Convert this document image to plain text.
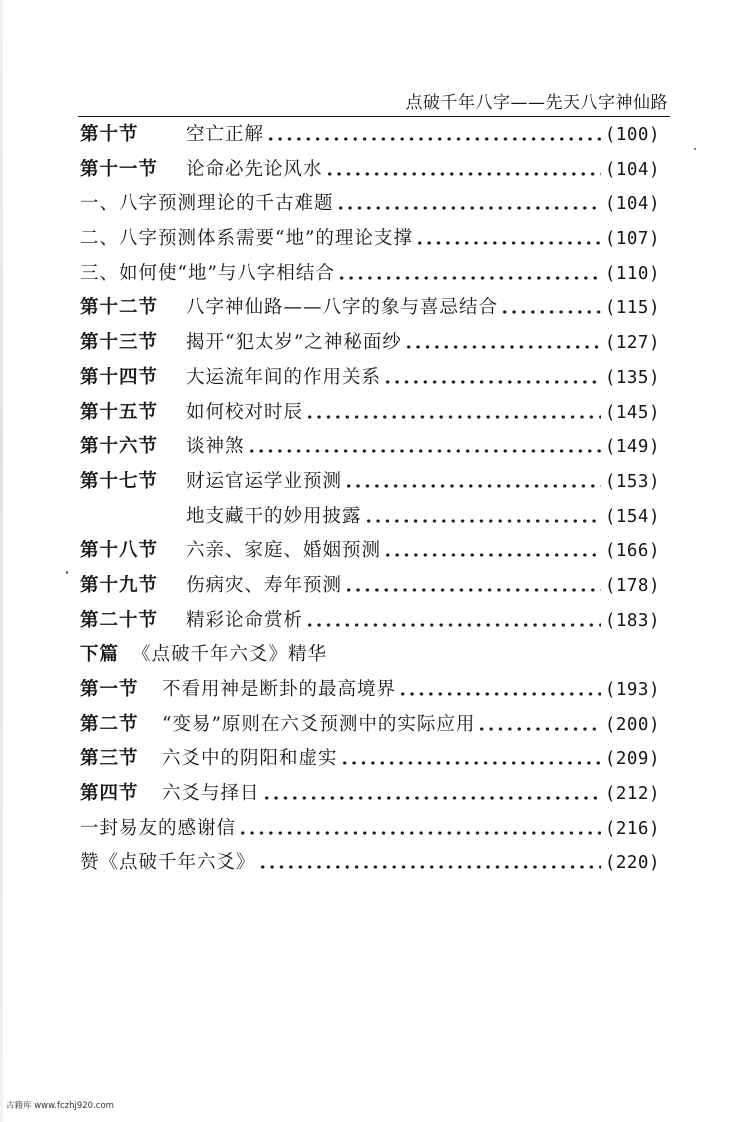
点破千年八字——先天八字神仙路
第十节	空亡正解	(100)
第十一节	论命必先论风水	(104)
一、八字预测理论的千古难题	(104)
二、八字预测体系需要“地”的理论支撑	(107)
三、如何使“地”与八字相结合	(110)
第十二节	八字神仙路——八字的象与喜忌结合	(115)
第十三节	揭开“犯太岁”之神秘面纱	(127)
第十四节	大运流年间的作用关系	(135)
第十五节	如何校对时辰	(145)
第十六节	谈神煞	(149)
第十七节	财运官运学业预测	(153)
地支藏干的妙用披露	(154)
第十八节	六亲、家庭、婚姻预测	(166)
第十九节	伤病灾、寿年预测	(178)
第二十节	精彩论命赏析	(183)
下篇 《点破千年六爻》精华
第一节	不看用神是断卦的最高境界	(193)
第二节	“变易”原则在六爻预测中的实际应用	(200)
第三节	六爻中的阴阳和虚实	(209)
第四节	六爻与择日	(212)
一封易友的感谢信	(216)
赞《点破千年六爻》	(220)
古籍库 www.fczhj920.com
